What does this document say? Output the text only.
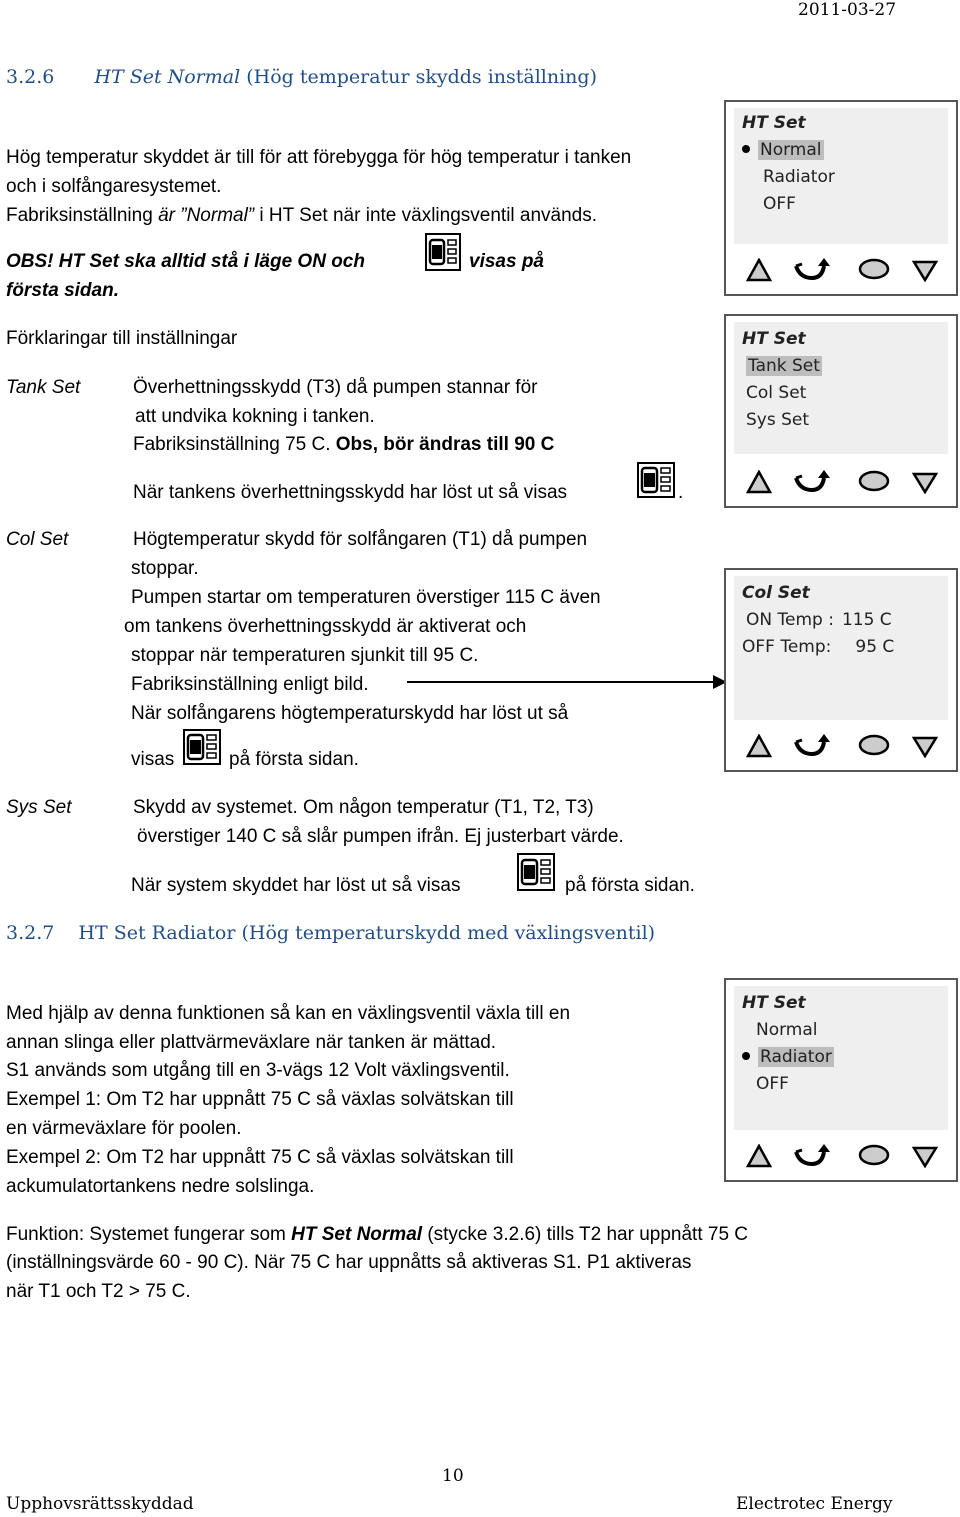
2011-03-27
3.2.6 HT Set Normal (Hög temperatur skydds inställning)
Hög temperatur skyddet är till för att förebygga för hög temperatur i tanken
och i solfångaresystemet.
Fabriksinställning är ”Normal” i HT Set när inte växlingsventil används.
OBS! HT Set ska alltid stå i läge ON och	visas på
första sidan.
Förklaringar till inställningar
Tank Set	Överhettningsskydd (T3) då pumpen stannar för
att undvika kokning i tanken.
Fabriksinställning 75 C. Obs, bör ändras till 90 C
När tankens överhettningsskydd har löst ut så visas	.
Col Set	Högtemperatur skydd för solfångaren (T1) då pumpen
stoppar.
Pumpen startar om temperaturen överstiger 115 C även
om tankens överhettningsskydd är aktiverat och
stoppar när temperaturen sjunkit till 95 C.
Fabriksinställning enligt bild.
När solfångarens högtemperaturskydd har löst ut så
visas	på första sidan.
Sys Set	Skydd av systemet. Om någon temperatur (T1, T2, T3)
överstiger 140 C så slår pumpen ifrån. Ej justerbart värde.
När system skyddet har löst ut så visas	på första sidan.
3.2.7 HT Set Radiator (Hög temperaturskydd med växlingsventil)
Med hjälp av denna funktionen så kan en växlingsventil växla till en
annan slinga eller plattvärmeväxlare när tanken är mättad.
S1 används som utgång till en 3-vägs 12 Volt växlingsventil.
Exempel 1: Om T2 har uppnått 75 C så växlas solvätskan till
en värmeväxlare för poolen.
Exempel 2: Om T2 har uppnått 75 C så växlas solvätskan till
ackumulatortankens nedre solslinga.
Funktion: Systemet fungerar som HT Set Normal (stycke 3.2.6) tills T2 har uppnått 75 C
(inställningsvärde 60 - 90 C). När 75 C har uppnåtts så aktiveras S1. P1 aktiveras
när T1 och T2 > 75 C.
HT Set
Normal
Radiator
OFF
HT Set
Tank Set
Col Set
Sys Set
Col Set
ON Temp : 115 C
OFF Temp: 95 C
HT Set
Normal
Radiator
OFF
10
Upphovsrättsskyddad	Electrotec Energy
